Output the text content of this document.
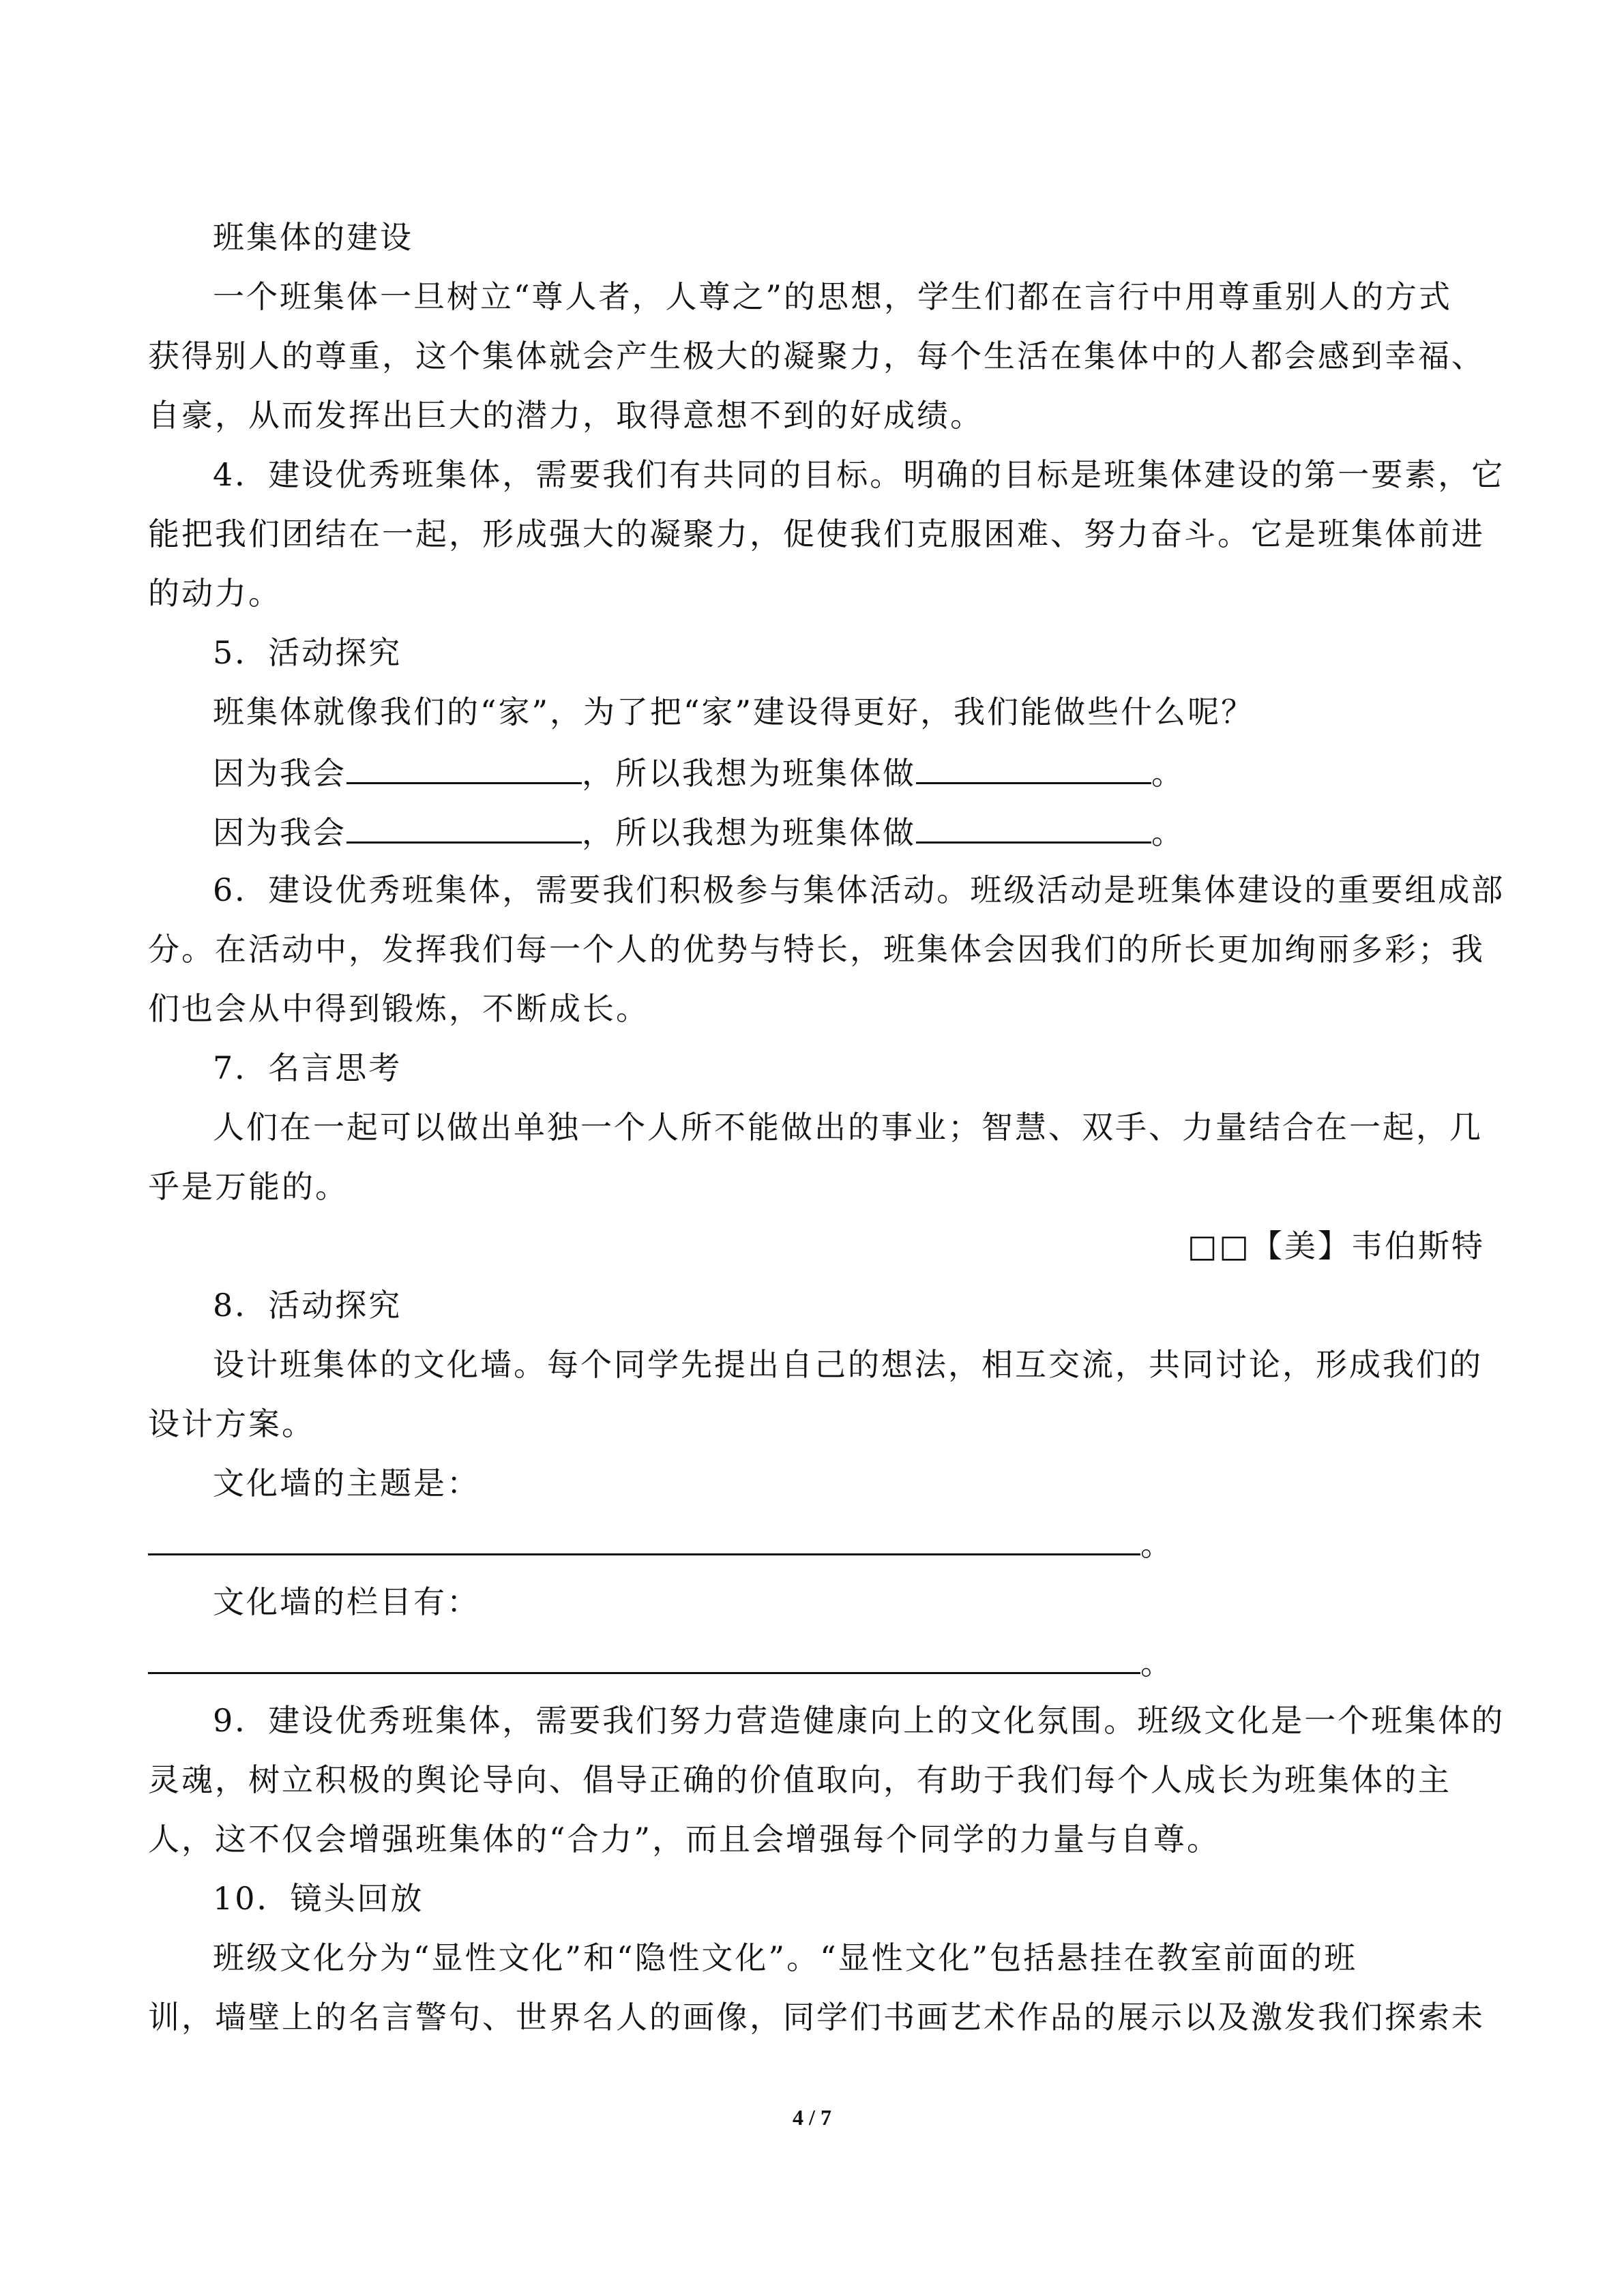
班集体的建设
一个班集体一旦树立“尊人者，人尊之”的思想，学生们都在言行中用尊重别人的方式
获得别人的尊重，这个集体就会产生极大的凝聚力，每个生活在集体中的人都会感到幸福、
自豪，从而发挥出巨大的潜力，取得意想不到的好成绩。
4．建设优秀班集体，需要我们有共同的目标。明确的目标是班集体建设的第一要素，它
能把我们团结在一起，形成强大的凝聚力，促使我们克服困难、努力奋斗。它是班集体前进
的动力。
5．活动探究
班集体就像我们的“家”，为了把“家”建设得更好，我们能做些什么呢？
因为我会	，所以我想为班集体做	。
因为我会	，所以我想为班集体做	。
6．建设优秀班集体，需要我们积极参与集体活动。班级活动是班集体建设的重要组成部
分。在活动中，发挥我们每一个人的优势与特长，班集体会因我们的所长更加绚丽多彩；我
们也会从中得到锻炼，不断成长。
7．名言思考
人们在一起可以做出单独一个人所不能做出的事业；智慧、双手、力量结合在一起，几
乎是万能的。
□□【美】韦伯斯特
8．活动探究
设计班集体的文化墙。每个同学先提出自己的想法，相互交流，共同讨论，形成我们的
设计方案。
文化墙的主题是：
。
文化墙的栏目有：
。
9．建设优秀班集体，需要我们努力营造健康向上的文化氛围。班级文化是一个班集体的
灵魂，树立积极的舆论导向、倡导正确的价值取向，有助于我们每个人成长为班集体的主
人，这不仅会增强班集体的“合力”，而且会增强每个同学的力量与自尊。
10．镜头回放
班级文化分为“显性文化”和“隐性文化”。“显性文化”包括悬挂在教室前面的班
训，墙壁上的名言警句、世界名人的画像，同学们书画艺术作品的展示以及激发我们探索未
4 / 7
